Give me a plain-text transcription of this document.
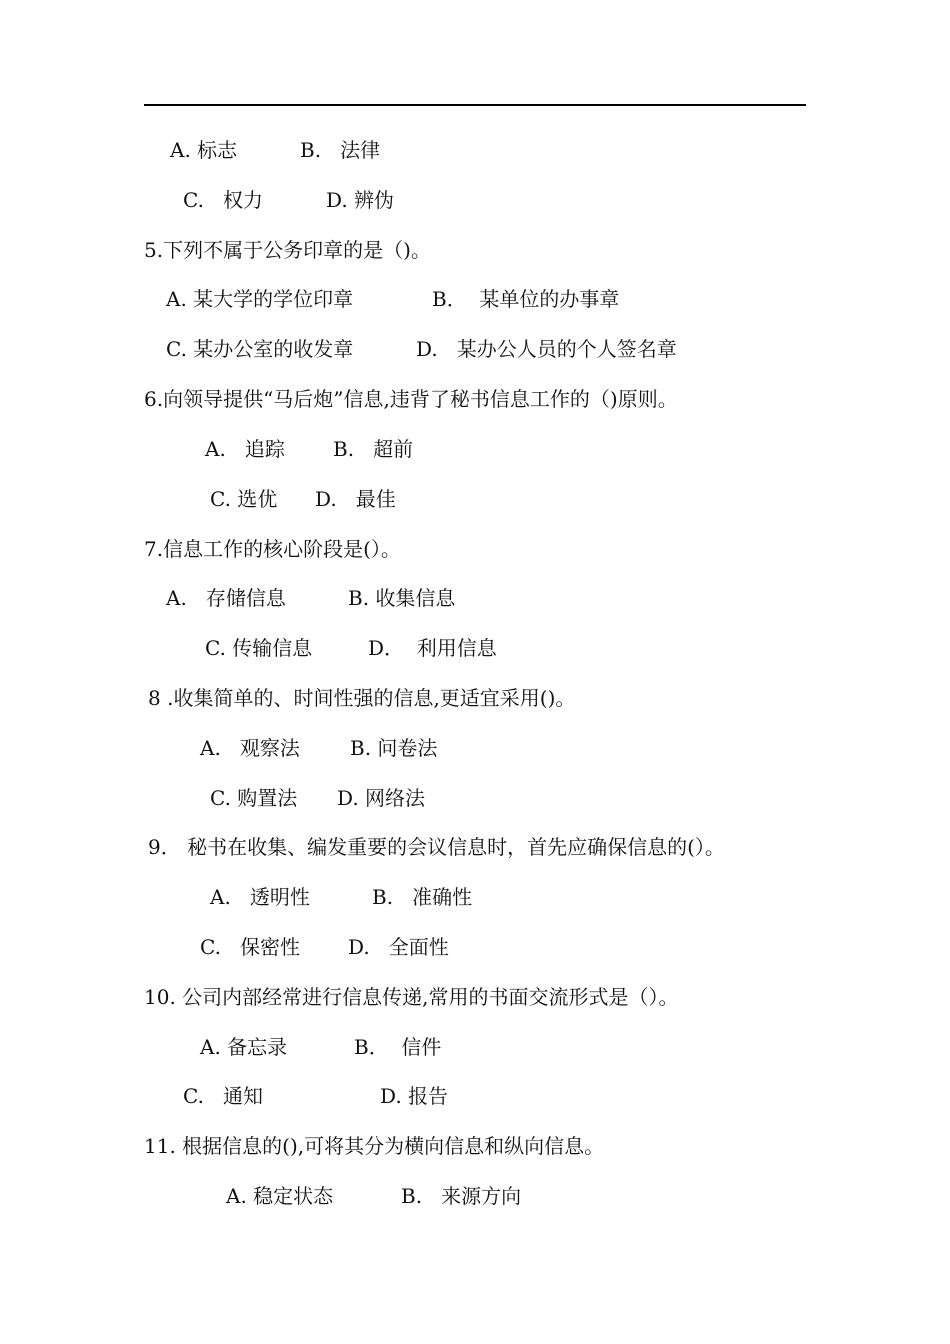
A. 标志	B.   法律
C.   权力	D. 辨伪
5.下列不属于公务印章的是（)。
A. 某大学的学位印章	B．  某单位的办事章
C. 某办公室的收发章	D.   某办公人员的个人签名章
6.向领导提供“马后炮”信息,违背了秘书信息工作的（)原则。
A.   追踪 B.   超前
C. 选优 D.   最佳
7.信息工作的核心阶段是(）。
A.   存储信息	B. 收集信息
C. 传输信息	D．  利用信息
8 .收集简单的、时间性强的信息,更适宜采用()。
A.   观察法	B. 问卷法
C. 购置法 D. 网络法
9． 秘书在收集、编发重要的会议信息时，首先应确保信息的(）。
A.   透明性	B.   准确性
C.   保密性 D.   全面性
10. 公司内部经常进行信息传递,常用的书面交流形式是（）。
A. 备忘录	B．  信件
C.   通知	D. 报告
11. 根据信息的(),可将其分为横向信息和纵向信息。
A. 稳定状态	B.   来源方向
